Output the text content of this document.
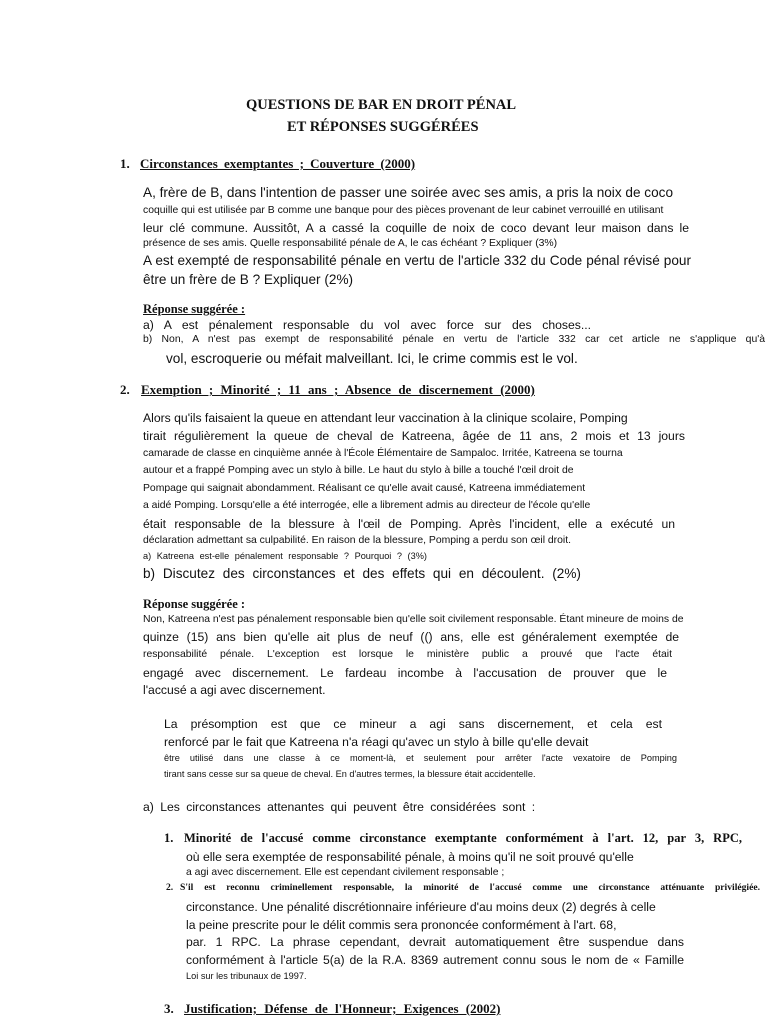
QUESTIONS DE BAR EN DROIT PÉNAL
ET RÉPONSES SUGGÉRÉES
1. Circonstances exemptantes ; Couverture (2000)
A, frère de B, dans l'intention de passer une soirée avec ses amis, a pris la noix de coco
coquille qui est utilisée par B comme une banque pour des pièces provenant de leur cabinet verrouillé en utilisant
leur clé commune. Aussitôt, A a cassé la coquille de noix de coco devant leur maison dans le
présence de ses amis. Quelle responsabilité pénale de A, le cas échéant ? Expliquer (3%)
A est exempté de responsabilité pénale en vertu de l'article 332 du Code pénal révisé pour
être un frère de B ? Expliquer (2%)
Réponse suggérée :
a) A est pénalement responsable du vol avec force sur des choses...
b) Non, A n'est pas exempt de responsabilité pénale en vertu de l'article 332 car cet article ne s'applique qu'à
vol, escroquerie ou méfait malveillant. Ici, le crime commis est le vol.
2. Exemption ; Minorité ; 11 ans ; Absence de discernement (2000)
Alors qu'ils faisaient la queue en attendant leur vaccination à la clinique scolaire, Pomping
tirait régulièrement la queue de cheval de Katreena, âgée de 11 ans, 2 mois et 13 jours
camarade de classe en cinquième année à l'École Élémentaire de Sampaloc. Irritée, Katreena se tourna
autour et a frappé Pomping avec un stylo à bille. Le haut du stylo à bille a touché l'œil droit de
Pompage qui saignait abondamment. Réalisant ce qu'elle avait causé, Katreena immédiatement
a aidé Pomping. Lorsqu'elle a été interrogée, elle a librement admis au directeur de l'école qu'elle
était responsable de la blessure à l'œil de Pomping. Après l'incident, elle a exécuté un
déclaration admettant sa culpabilité. En raison de la blessure, Pomping a perdu son œil droit.
a) Katreena est-elle pénalement responsable ? Pourquoi ? (3%)
b) Discutez des circonstances et des effets qui en découlent. (2%)
Réponse suggérée :
Non, Katreena n'est pas pénalement responsable bien qu'elle soit civilement responsable. Étant mineure de moins de
quinze (15) ans bien qu'elle ait plus de neuf (() ans, elle est généralement exemptée de
responsabilité pénale. L'exception est lorsque le ministère public a prouvé que l'acte était
engagé avec discernement. Le fardeau incombe à l'accusation de prouver que le
l'accusé a agi avec discernement.
La présomption est que ce mineur a agi sans discernement, et cela est
renforcé par le fait que Katreena n'a réagi qu'avec un stylo à bille qu'elle devait
être utilisé dans une classe à ce moment-là, et seulement pour arrêter l'acte vexatoire de Pomping
tirant sans cesse sur sa queue de cheval. En d'autres termes, la blessure était accidentelle.
a) Les circonstances attenantes qui peuvent être considérées sont :
1. Minorité de l'accusé comme circonstance exemptante conformément à l'art. 12, par 3, RPC,
où elle sera exemptée de responsabilité pénale, à moins qu'il ne soit prouvé qu'elle
a agi avec discernement. Elle est cependant civilement responsable ;
2. S'il est reconnu criminellement responsable, la minorité de l'accusé comme une circonstance atténuante privilégiée.
circonstance. Une pénalité discrétionnaire inférieure d'au moins deux (2) degrés à celle
la peine prescrite pour le délit commis sera prononcée conformément à l'art. 68,
par. 1 RPC. La phrase cependant, devrait automatiquement être suspendue dans
conformément à l'article 5(a) de la R.A. 8369 autrement connu sous le nom de « Famille
Loi sur les tribunaux de 1997.
3. Justification; Défense de l'Honneur; Exigences (2002)
